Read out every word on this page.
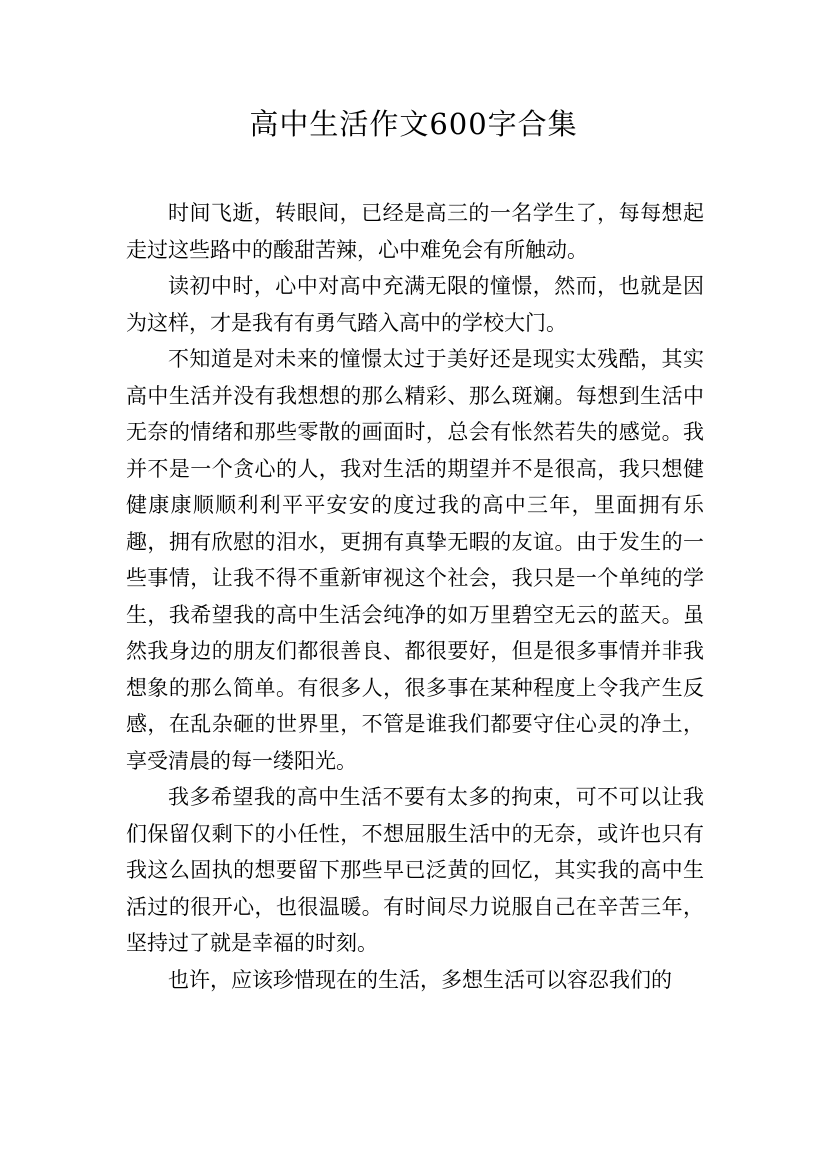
高中生活作文600字合集

时间飞逝，转眼间，已经是高三的一名学生了，每每想起走过这些路中的酸甜苦辣，心中难免会有所触动。

读初中时，心中对高中充满无限的憧憬，然而，也就是因为这样，才是我有有勇气踏入高中的学校大门。

不知道是对未来的憧憬太过于美好还是现实太残酷，其实高中生活并没有我想想的那么精彩、那么斑斓。每想到生活中无奈的情绪和那些零散的画面时，总会有怅然若失的感觉。我并不是一个贪心的人，我对生活的期望并不是很高，我只想健健康康顺顺利利平平安安的度过我的高中三年，里面拥有乐趣，拥有欣慰的泪水，更拥有真挚无暇的友谊。由于发生的一些事情，让我不得不重新审视这个社会，我只是一个单纯的学生，我希望我的高中生活会纯净的如万里碧空无云的蓝天。虽然我身边的朋友们都很善良、都很要好，但是很多事情并非我想象的那么简单。有很多人，很多事在某种程度上令我产生反感，在乱杂砸的世界里，不管是谁我们都要守住心灵的净土，享受清晨的每一缕阳光。

我多希望我的高中生活不要有太多的拘束，可不可以让我们保留仅剩下的小任性，不想屈服生活中的无奈，或许也只有我这么固执的想要留下那些早已泛黄的回忆，其实我的高中生活过的很开心，也很温暖。有时间尽力说服自己在辛苦三年，坚持过了就是幸福的时刻。

也许，应该珍惜现在的生活，多想生活可以容忍我们的
